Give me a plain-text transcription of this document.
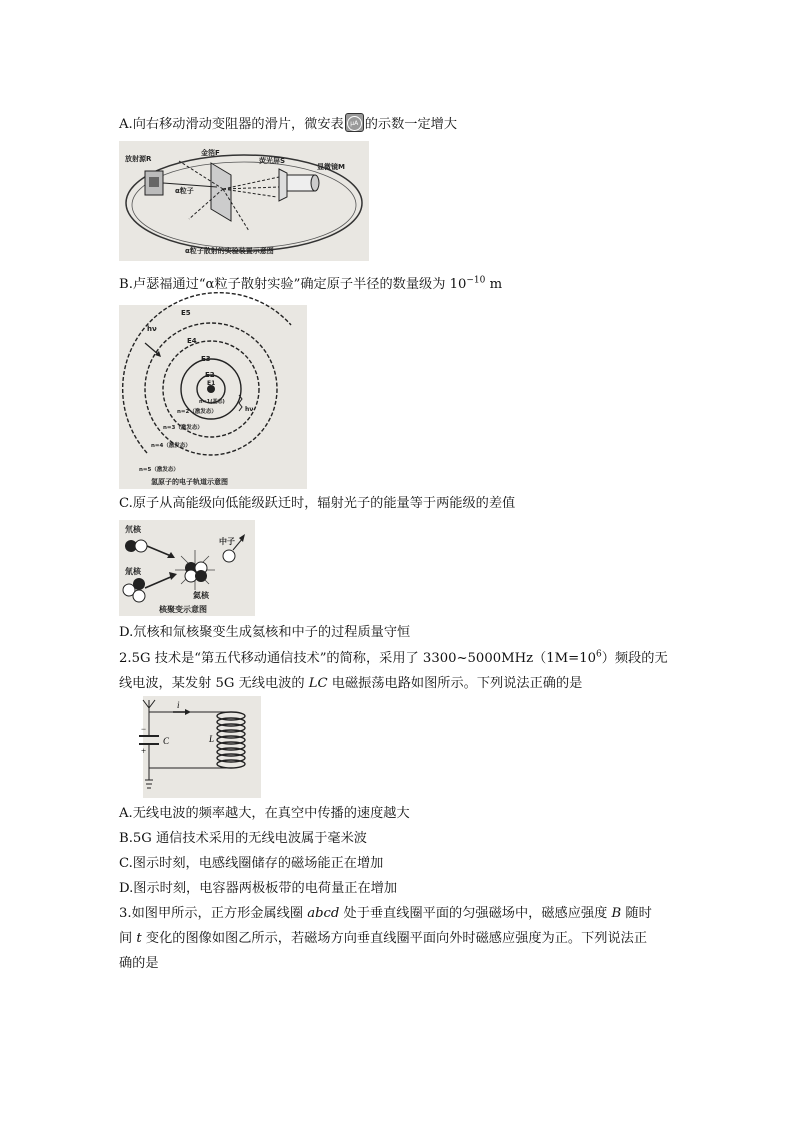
A.向右移动滑动变阻器的滑片，微安表μA 的示数一定增大
放射源R
金箔F
荧光屏S
显微镜M
α粒子
α粒子散射的实验装置示意图
B.卢瑟福通过“α粒子散射实验”确定原子半径的数量级为 $10^{-10}$ m
E5
E4
E3
E2
E1
hν
hν
n=1(基态)
n=2（激发态）
n=3（激发态）
n=4（激发态）
n=5（激发态）
氢原子的电子轨道示意图
C.原子从高能级向低能级跃迁时，辐射光子的能量等于两能级的差值
氘核
氚核
中子
氦核
核聚变示意图
D.氘核和氚核聚变生成氦核和中子的过程质量守恒
2.5G 技术是“第五代移动通信技术”的简称，采用了 $3300\sim 5000MHz(1M=10^6)$频段的无
线电波，某发射 5G 无线电波的 LC 电磁振荡电路如图所示。下列说法正确的是
i
C	L
−
+
A.无线电波的频率越大，在真空中传播的速度越大
B.5G 通信技术采用的无线电波属于毫米波
C.图示时刻，电感线圈储存的磁场能正在增加
D.图示时刻，电容器两极板带的电荷量正在增加
3.如图甲所示，正方形金属线圈 abcd 处于垂直线圈平面的匀强磁场中，磁感应强度 B 随时
间 t 变化的图像如图乙所示，若磁场方向垂直线圈平面向外时磁感应强度为正。下列说法正
确的是
